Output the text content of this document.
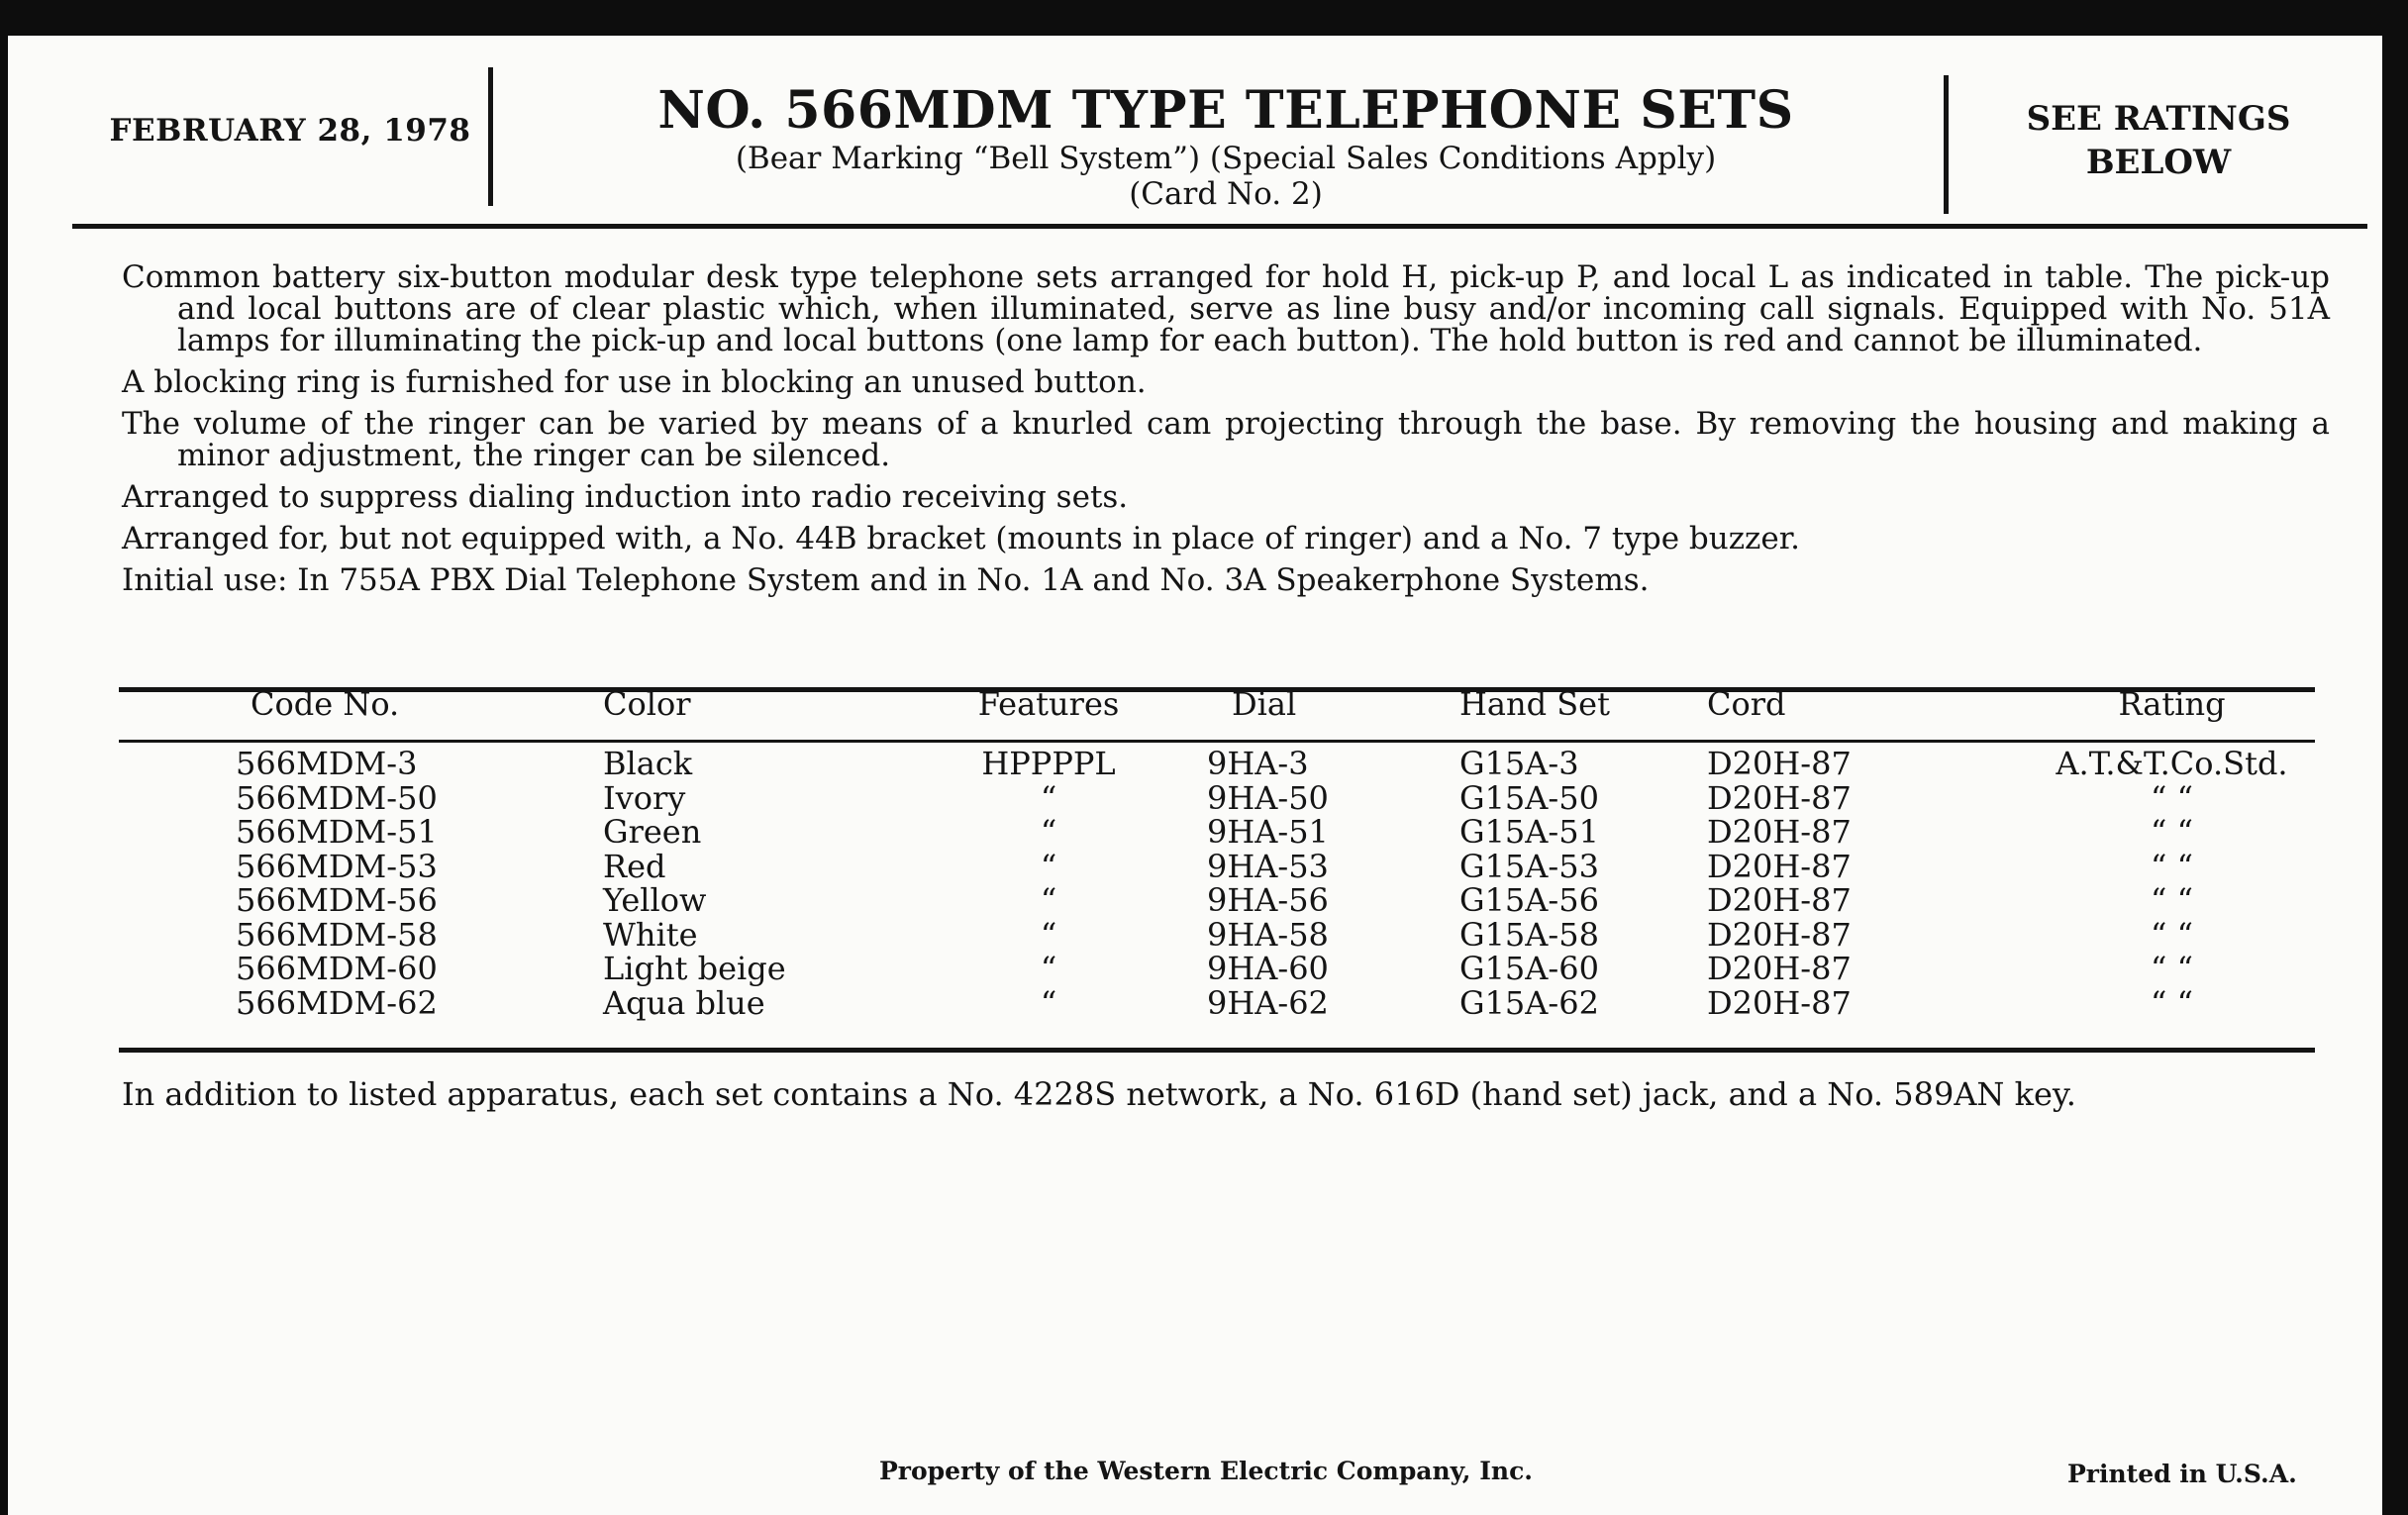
FEBRUARY 28, 1978	NO. 566MDM TYPE TELEPHONE SETS
(Bear Marking “Bell System”) (Special Sales Conditions Apply)
(Card No. 2)
SEE RATINGS
BELOW

Common battery six-button modular desk type telephone sets arranged for hold H, pick-up P, and local L as indicated in table. The pick-up and local buttons are of clear plastic which, when illuminated, serve as line busy and/or incoming call signals. Equipped with No. 51A lamps for illuminating the pick-up and local buttons (one lamp for each button). The hold button is red and cannot be illuminated.

A blocking ring is furnished for use in blocking an unused button.

The volume of the ringer can be varied by means of a knurled cam projecting through the base. By removing the housing and making a minor adjustment, the ringer can be silenced.

Arranged to suppress dialing induction into radio receiving sets.

Arranged for, but not equipped with, a No. 44B bracket (mounts in place of ringer) and a No. 7 type buzzer.

Initial use: In 755A PBX Dial Telephone System and in No. 1A and No. 3A Speakerphone Systems.

Code No.	Color	Features	Dial	Hand Set	Cord	Rating
566MDM-3	Black	HPPPPL	9HA-3	G15A-3	D20H-87	A.T.&T.Co.Std.
566MDM-50	Ivory	“	9HA-50	G15A-50	D20H-87	“ “
566MDM-51	Green	“	9HA-51	G15A-51	D20H-87	“ “
566MDM-53	Red	“	9HA-53	G15A-53	D20H-87	“ “
566MDM-56	Yellow	“	9HA-56	G15A-56	D20H-87	“ “
566MDM-58	White	“	9HA-58	G15A-58	D20H-87	“ “
566MDM-60	Light beige	“	9HA-60	G15A-60	D20H-87	“ “
566MDM-62	Aqua blue	“	9HA-62	G15A-62	D20H-87	“ “
In addition to listed apparatus, each set contains a No. 4228S network, a No. 616D (hand set) jack, and a No. 589AN key.
Property of the Western Electric Company, Inc.	Printed in U.S.A.
